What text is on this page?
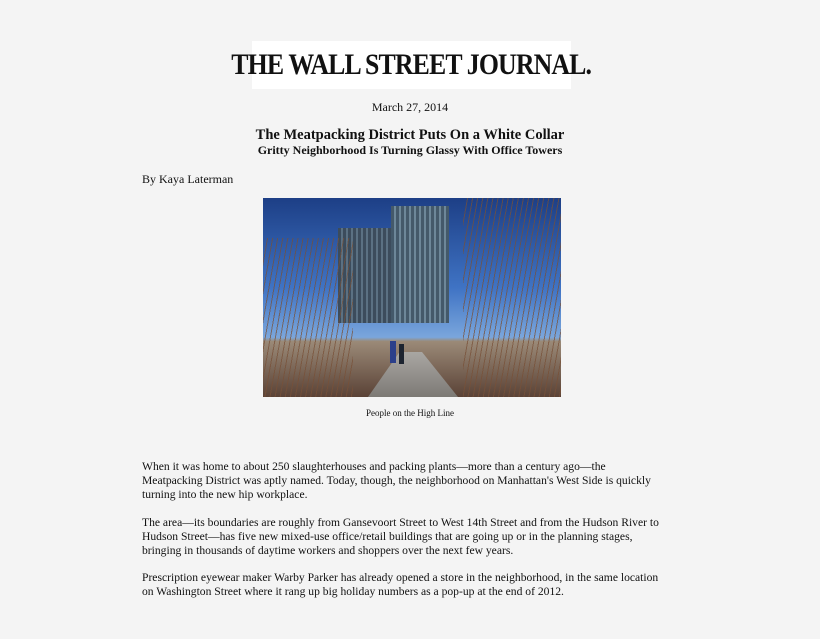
THE WALL STREET JOURNAL.
March 27, 2014
The Meatpacking District Puts On a White Collar
Gritty Neighborhood Is Turning Glassy With Office Towers
By Kaya Laterman
People on the High Line
When it was home to about 250 slaughterhouses and packing plants—more than a century ago—the
Meatpacking District was aptly named. Today, though, the neighborhood on Manhattan's West Side is quickly
turning into the new hip workplace.
The area—its boundaries are roughly from Gansevoort Street to West 14th Street and from the Hudson River to
Hudson Street—has five new mixed-use office/retail buildings that are going up or in the planning stages,
bringing in thousands of daytime workers and shoppers over the next few years.
Prescription eyewear maker Warby Parker has already opened a store in the neighborhood, in the same location
on Washington Street where it rang up big holiday numbers as a pop-up at the end of 2012.
